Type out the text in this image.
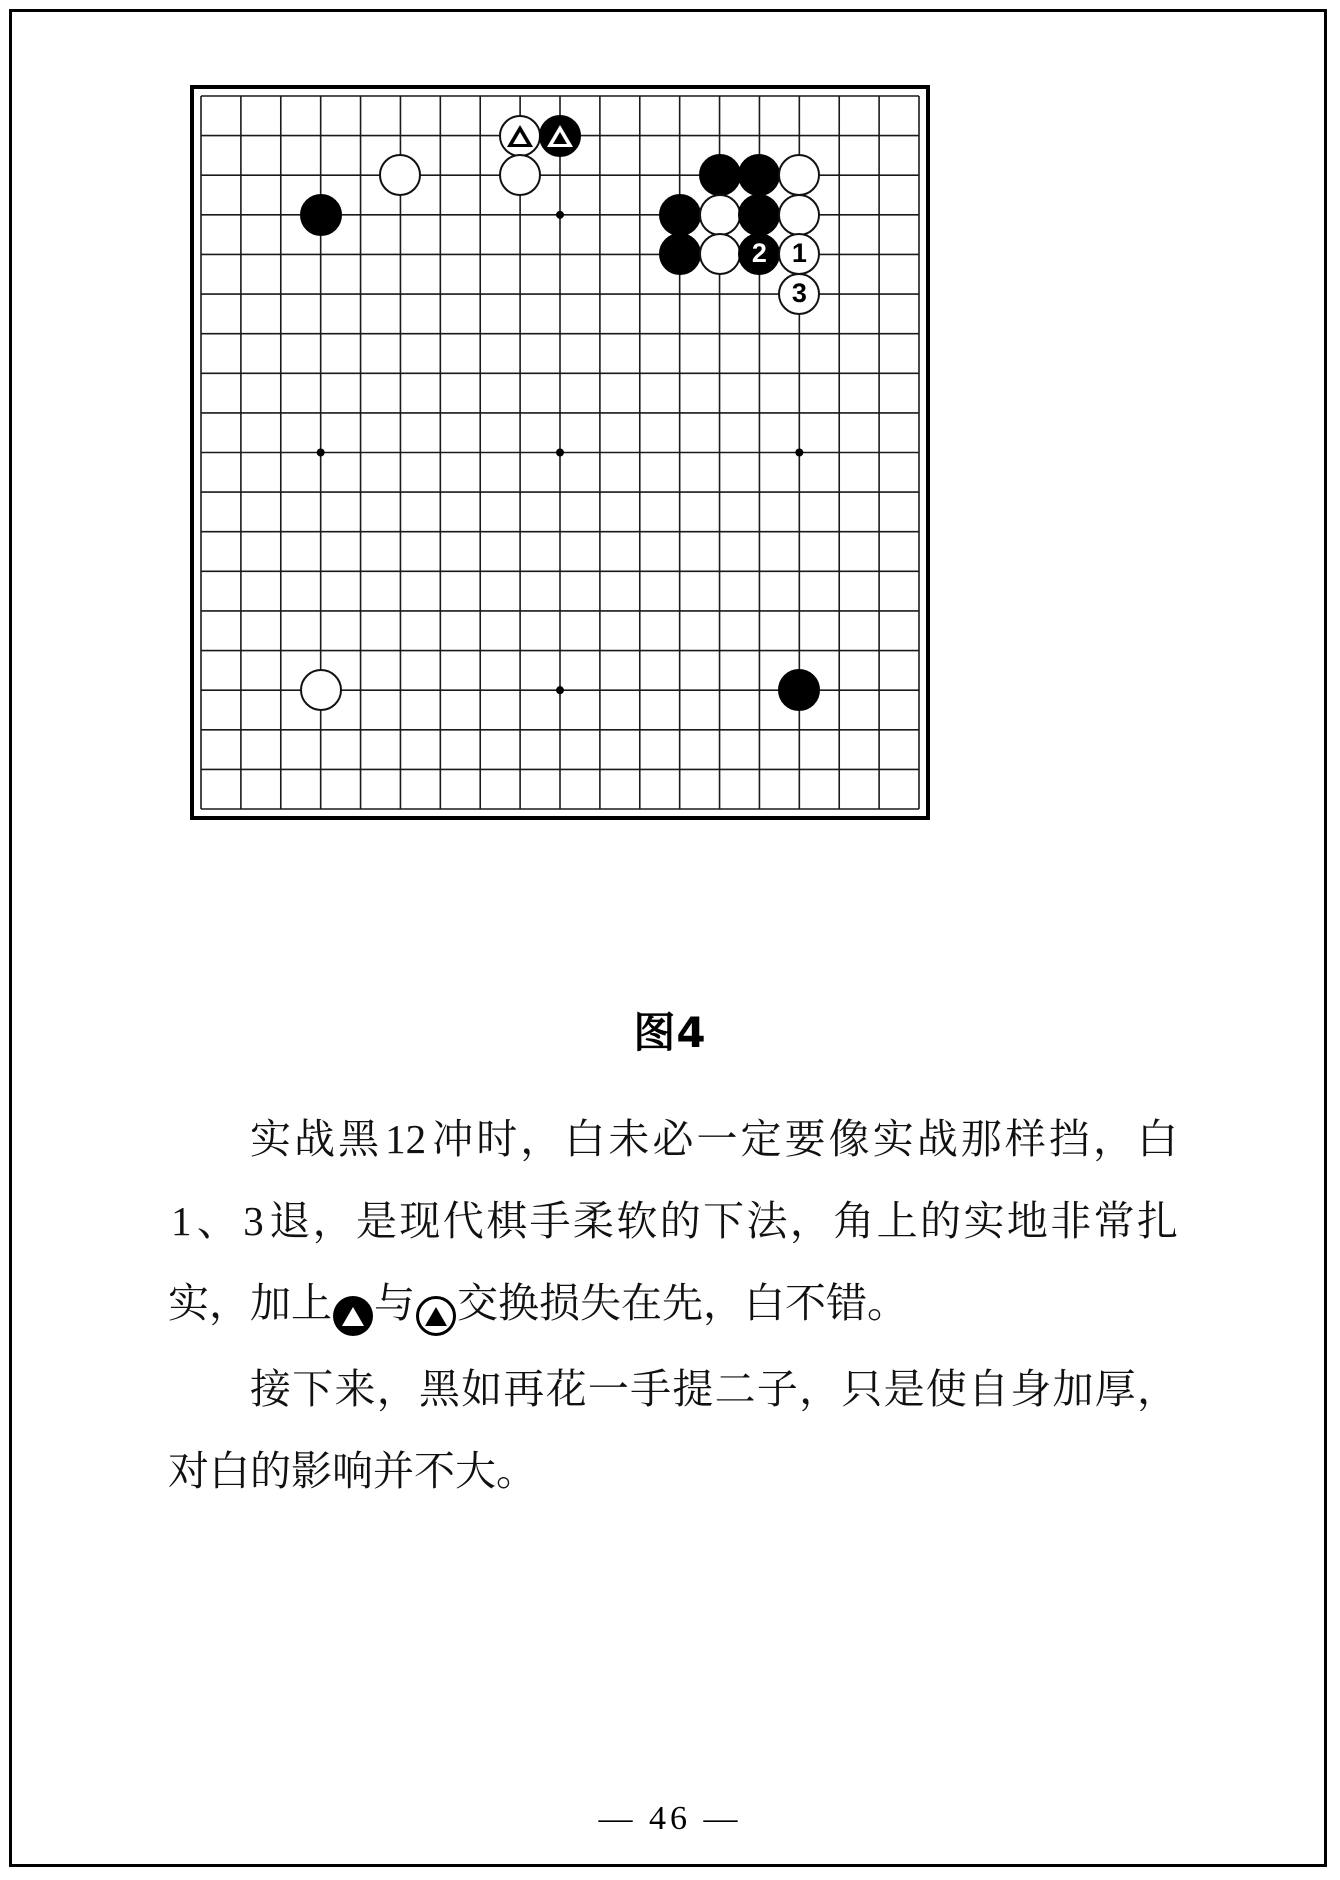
2 1
3
图4

实战黑12冲时，白未必一定要像实战那样挡，白1、3退，是现代棋手柔软的下法，角上的实地非常扎实，加上 与 交换损失在先，白不错。

接下来，黑如再花一手提二子，只是使自身加厚，对白的影响并不大。

— 46 —
